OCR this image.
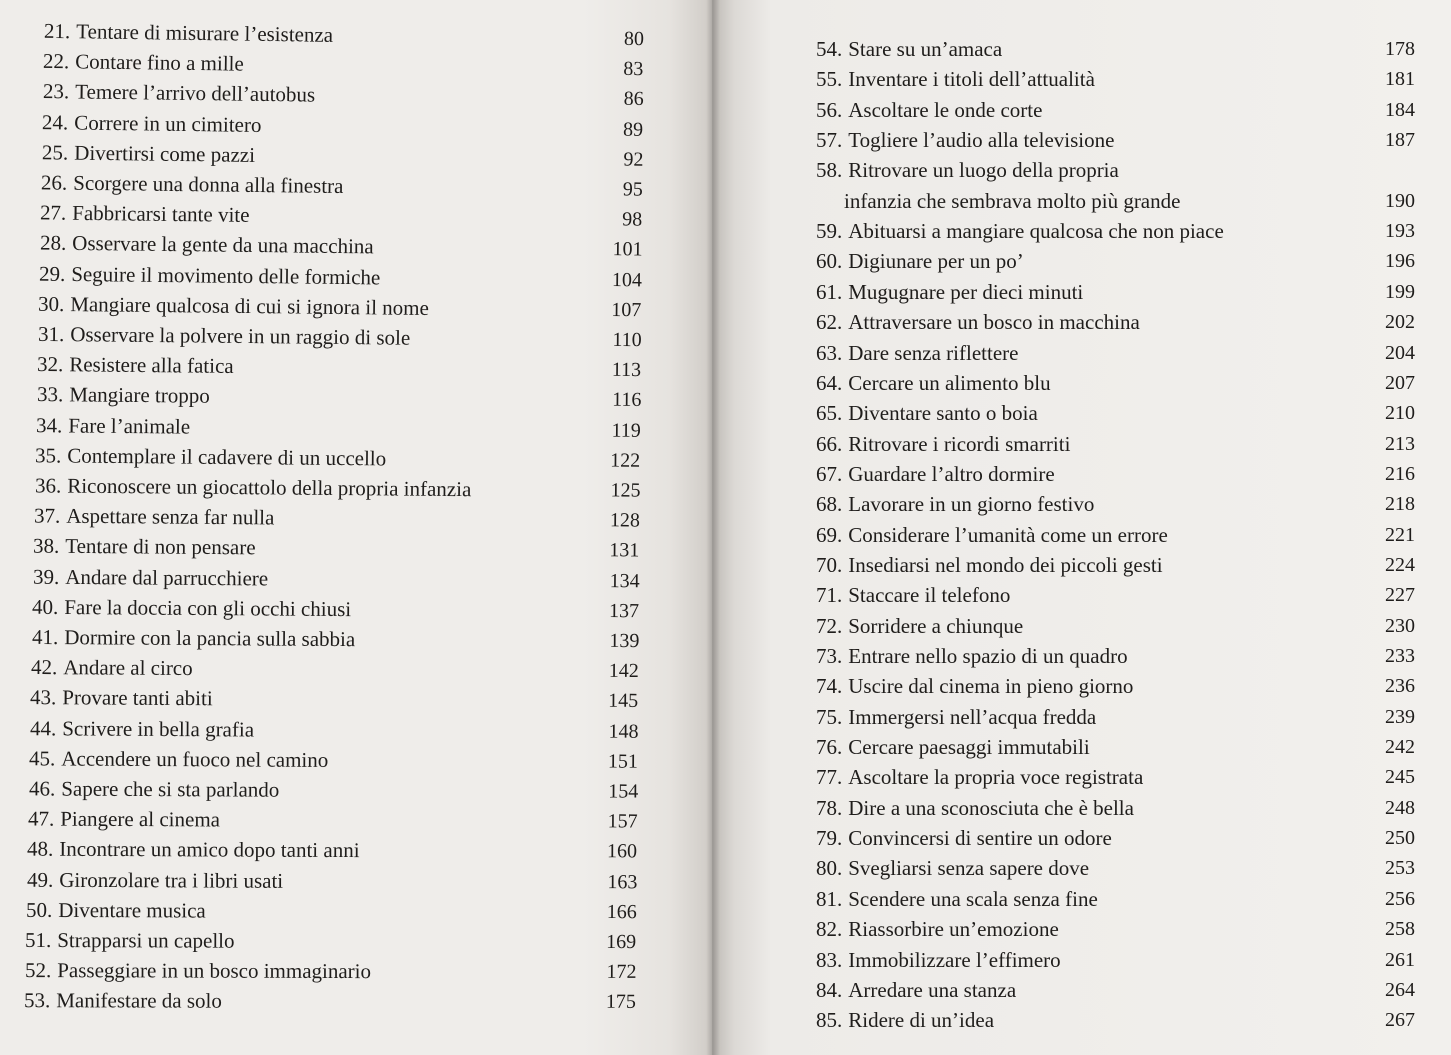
21. Tentare di misurare l’esistenza	80
22. Contare fino a mille	83
23. Temere l’arrivo dell’autobus	86
24. Correre in un cimitero	89
25. Divertirsi come pazzi	92
26. Scorgere una donna alla finestra	95
27. Fabbricarsi tante vite	98
28. Osservare la gente da una macchina	101
29. Seguire il movimento delle formiche	104
30. Mangiare qualcosa di cui si ignora il nome	107
31. Osservare la polvere in un raggio di sole	110
32. Resistere alla fatica	113
33. Mangiare troppo	116
34. Fare l’animale	119
35. Contemplare il cadavere di un uccello	122
36. Riconoscere un giocattolo della propria infanzia	125
37. Aspettare senza far nulla	128
38. Tentare di non pensare	131
39. Andare dal parrucchiere	134
40. Fare la doccia con gli occhi chiusi	137
41. Dormire con la pancia sulla sabbia	139
42. Andare al circo	142
43. Provare tanti abiti	145
44. Scrivere in bella grafia	148
45. Accendere un fuoco nel camino	151
46. Sapere che si sta parlando	154
47. Piangere al cinema	157
48. Incontrare un amico dopo tanti anni	160
49. Gironzolare tra i libri usati	163
50. Diventare musica	166
51. Strapparsi un capello	169
52. Passeggiare in un bosco immaginario	172
53. Manifestare da solo	175

54. Stare su un’amaca	178
55. Inventare i titoli dell’attualità	181
56. Ascoltare le onde corte	184
57. Togliere l’audio alla televisione	187
58. Ritrovare un luogo della propria
infanzia che sembrava molto più grande	190
59. Abituarsi a mangiare qualcosa che non piace	193
60. Digiunare per un po’	196
61. Mugugnare per dieci minuti	199
62. Attraversare un bosco in macchina	202
63. Dare senza riflettere	204
64. Cercare un alimento blu	207
65. Diventare santo o boia	210
66. Ritrovare i ricordi smarriti	213
67. Guardare l’altro dormire	216
68. Lavorare in un giorno festivo	218
69. Considerare l’umanità come un errore	221
70. Insediarsi nel mondo dei piccoli gesti	224
71. Staccare il telefono	227
72. Sorridere a chiunque	230
73. Entrare nello spazio di un quadro	233
74. Uscire dal cinema in pieno giorno	236
75. Immergersi nell’acqua fredda	239
76. Cercare paesaggi immutabili	242
77. Ascoltare la propria voce registrata	245
78. Dire a una sconosciuta che è bella	248
79. Convincersi di sentire un odore	250
80. Svegliarsi senza sapere dove	253
81. Scendere una scala senza fine	256
82. Riassorbire un’emozione	258
83. Immobilizzare l’effimero	261
84. Arredare una stanza	264
85. Ridere di un’idea	267
